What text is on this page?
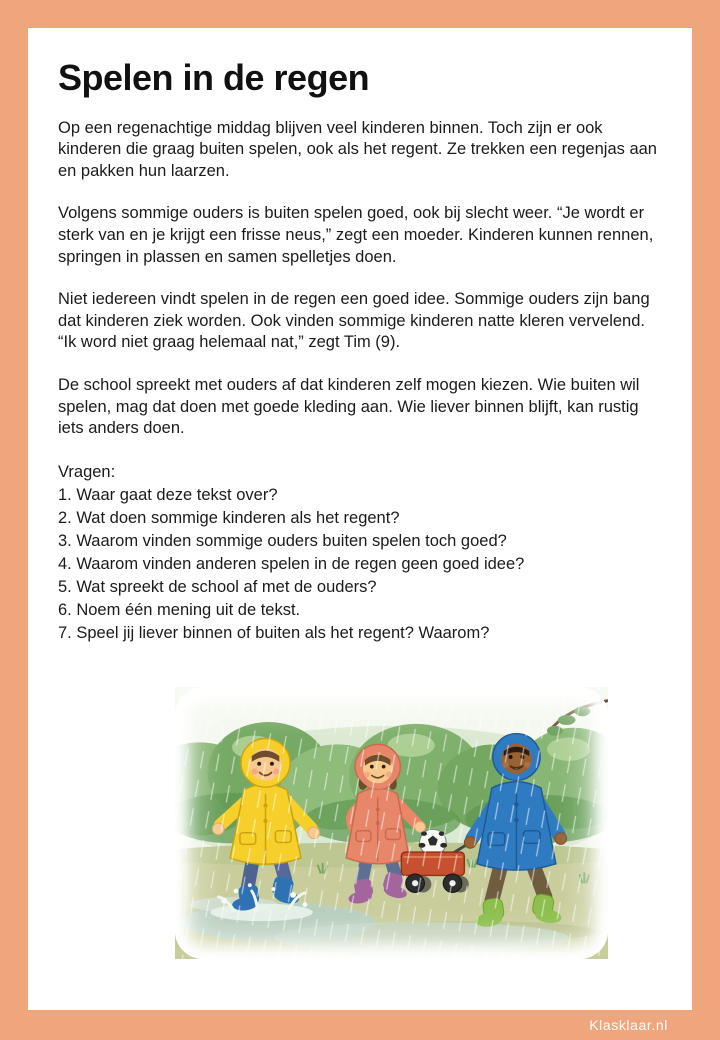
Spelen in de regen

Op een regenachtige middag blijven veel kinderen binnen. Toch zijn er ook kinderen die graag buiten spelen, ook als het regent. Ze trekken een regenjas aan en pakken hun laarzen.

Volgens sommige ouders is buiten spelen goed, ook bij slecht weer. “Je wordt er sterk van en je krijgt een frisse neus,” zegt een moeder. Kinderen kunnen rennen, springen in plassen en samen spelletjes doen.

Niet iedereen vindt spelen in de regen een goed idee. Sommige ouders zijn bang dat kinderen ziek worden. Ook vinden sommige kinderen natte kleren vervelend. “Ik word niet graag helemaal nat,” zegt Tim (9).

De school spreekt met ouders af dat kinderen zelf mogen kiezen. Wie buiten wil spelen, mag dat doen met goede kleding aan. Wie liever binnen blijft, kan rustig iets anders doen.

Vragen:
1. Waar gaat deze tekst over?
2. Wat doen sommige kinderen als het regent?
3. Waarom vinden sommige ouders buiten spelen toch goed?
4. Waarom vinden anderen spelen in de regen geen goed idee?
5. Wat spreekt de school af met de ouders?
6. Noem één mening uit de tekst.
7. Speel jij liever binnen of buiten als het regent? Waarom?
Klasklaar.nl
